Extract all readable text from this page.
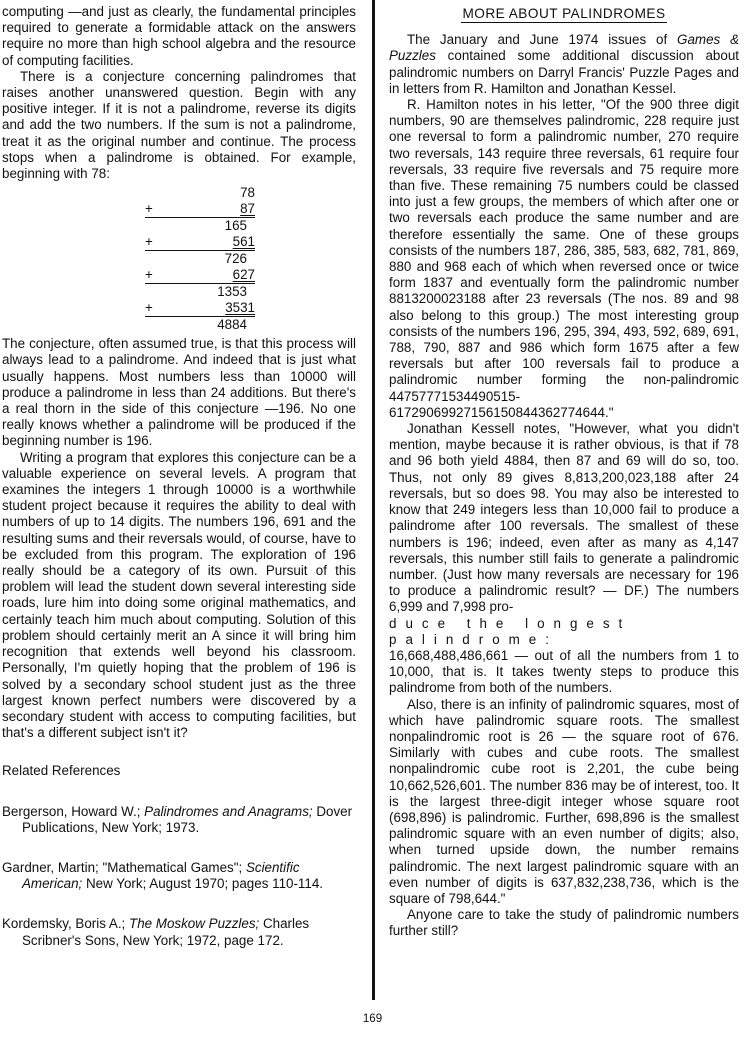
computing —and just as clearly, the fundamental principles required to generate a formidable attack on the answers require no more than high school algebra and the resource of computing facilities.

There is a conjecture concerning palindromes that raises another unanswered question. Begin with any positive integer. If it is not a palindrome, reverse its digits and add the two numbers. If the sum is not a palindrome, treat it as the original number and continue. The process stops when a palindrome is obtained. For example, beginning with 78:

78
+	87
165
+	561
726
+	627
1353
+	3531
4884

The conjecture, often assumed true, is that this process will always lead to a palindrome. And indeed that is just what usually happens. Most numbers less than 10000 will produce a palindrome in less than 24 additions. But there's a real thorn in the side of this conjecture —196. No one really knows whether a palindrome will be produced if the beginning number is 196.

Writing a program that explores this conjecture can be a valuable experience on several levels. A program that examines the integers 1 through 10000 is a worthwhile student project because it requires the ability to deal with numbers of up to 14 digits. The numbers 196, 691 and the resulting sums and their reversals would, of course, have to be excluded from this program. The exploration of 196 really should be a category of its own. Pursuit of this problem will lead the student down several interesting side roads, lure him into doing some original mathematics, and certainly teach him much about computing. Solution of this problem should certainly merit an A since it will bring him recognition that extends well beyond his classroom. Personally, I'm quietly hoping that the problem of 196 is solved by a secondary school student just as the three largest known perfect numbers were discovered by a secondary student with access to computing facilities, but that's a different subject isn't it?

Related References

Bergerson, Howard W.; Palindromes and Anagrams; Dover Publications, New York; 1973.

Gardner, Martin; "Mathematical Games"; Scientific American; New York; August 1970; pages 110-114.

Kordemsky, Boris A.; The Moskow Puzzles; Charles Scribner's Sons, New York; 1972, page 172.

MORE ABOUT PALINDROMES

The January and June 1974 issues of Games & Puzzles contained some additional discussion about palindromic numbers on Darryl Francis' Puzzle Pages and in letters from R. Hamilton and Jonathan Kessel.

R. Hamilton notes in his letter, "Of the 900 three digit numbers, 90 are themselves palindromic, 228 require just one reversal to form a palindromic number, 270 require two reversals, 143 require three reversals, 61 require four reversals, 33 require five reversals and 75 require more than five. These remaining 75 numbers could be classed into just a few groups, the members of which after one or two reversals each produce the same number and are therefore essentially the same. One of these groups consists of the numbers 187, 286, 385, 583, 682, 781, 869, 880 and 968 each of which when reversed once or twice form 1837 and eventually form the palindromic number 8813200023188 after 23 reversals (The nos. 89 and 98 also belong to this group.) The most interesting group consists of the numbers 196, 295, 394, 493, 592, 689, 691, 788, 790, 887 and 986 which form 1675 after a few reversals but after 100 reversals fail to produce a palindromic number forming the non-palindromic 44757771534490515-61729069927156150844362774644."

Jonathan Kessell notes, "However, what you didn't mention, maybe because it is rather obvious, is that if 78 and 96 both yield 4884, then 87 and 69 will do so, too. Thus, not only 89 gives 8,813,200,023,188 after 24 reversals, but so does 98. You may also be interested to know that 249 integers less than 10,000 fail to produce a palindrome after 100 reversals. The smallest of these numbers is 196; indeed, even after as many as 4,147 reversals, this number still fails to generate a palindromic number. (Just how many reversals are necessary for 196 to produce a palindromic result? — DF.) The numbers 6,999 and 7,998 pro-

duce the longest palindrome:

16,668,488,486,661 — out of all the numbers from 1 to 10,000, that is. It takes twenty steps to produce this palindrome from both of the numbers.

Also, there is an infinity of palindromic squares, most of which have palindromic square roots. The smallest nonpalindromic root is 26 — the square root of 676. Similarly with cubes and cube roots. The smallest nonpalindromic cube root is 2,201, the cube being 10,662,526,601. The number 836 may be of interest, too. It is the largest three-digit integer whose square root (698,896) is palindromic. Further, 698,896 is the smallest palindromic square with an even number of digits; also, when turned upside down, the number remains palindromic. The next largest palindromic square with an even number of digits is 637,832,238,736, which is the square of 798,644."

Anyone care to take the study of palindromic numbers further still?

169
